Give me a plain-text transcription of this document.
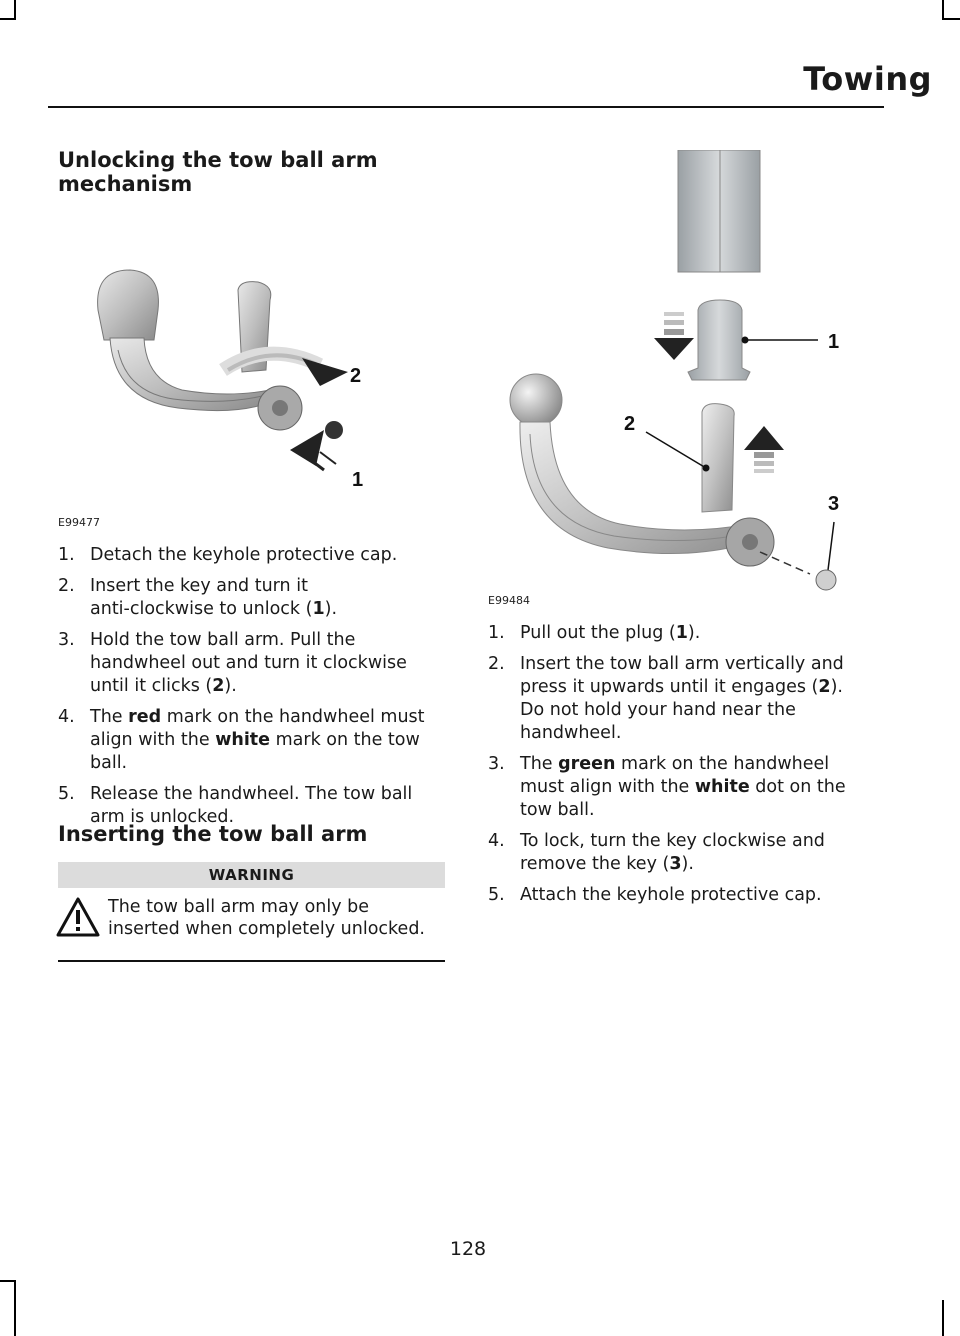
Towing
Unlocking the tow ball arm
mechanism
2
1
E99477
1. Detach the keyhole protective cap.
2. Insert the key and turn it
anti-clockwise to unlock (1).
3. Hold the tow ball arm. Pull the
handwheel out and turn it clockwise
until it clicks (2).
4. The red mark on the handwheel must
align with the white mark on the tow
ball.
5. Release the handwheel. The tow ball
arm is unlocked.
Inserting the tow ball arm
WARNING
The tow ball arm may only be
inserted when completely unlocked.
1
2
3
E99484
1. Pull out the plug (1).
2. Insert the tow ball arm vertically and
press it upwards until it engages (2).
Do not hold your hand near the
handwheel.
3. The green mark on the handwheel
must align with the white dot on the
tow ball.
4. To lock, turn the key clockwise and
remove the key (3).
5. Attach the keyhole protective cap.
128
